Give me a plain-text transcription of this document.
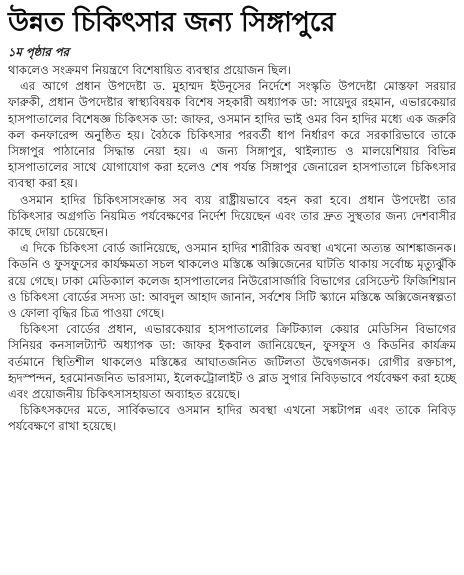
উন্নত চিকিৎসার জন্য সিঙ্গাপুরে
১ম পৃষ্ঠার পর

থাকলেও সংক্রমণ নিয়ন্ত্রণে বিশেষায়িত ব্যবস্থার প্রয়োজন ছিল।

এর আগে প্রধান উপদেষ্টা ড. মুহাম্মদ ইউনূসের নির্দেশে সংস্কৃতি উপদেষ্টা মোস্তফা সরয়ার ফারুকী, প্রধান উপদেষ্টার স্বাস্থ্যবিষয়ক বিশেষ সহকারী অধ্যাপক ডা: সায়েদুর রহমান, এভারকেয়ার হাসপাতালের বিশেষজ্ঞ চিকিৎসক ডা: জাফর, ওসমান হাদির ভাই ওমর বিন হাদির মধ্যে এক জরুরি কল কনফারেন্স অনুষ্ঠিত হয়। বৈঠকে চিকিৎসার পরবর্তী ধাপ নির্ধারণ করে সরকারিভাবে তাকে সিঙ্গাপুর পাঠানোর সিদ্ধান্ত নেয়া হয়। এ জন্য সিঙ্গাপুর, থাইল্যান্ড ও মালয়েশিয়ার বিভিন্ন হাসপাতালের সাথে যোগাযোগ করা হলেও শেষ পর্যন্ত সিঙ্গাপুর জেনারেল হাসপাতালে চিকিৎসার ব্যবস্থা করা হয়।

ওসমান হাদির চিকিৎসাসংক্রান্ত সব ব্যয় রাষ্ট্রীয়ভাবে বহন করা হবে। প্রধান উপদেষ্টা তার চিকিৎসার অগ্রগতি নিয়মিত পর্যবেক্ষণের নির্দেশ দিয়েছেন এবং তার দ্রুত সুস্থতার জন্য দেশবাসীর কাছে দোয়া চেয়েছেন।

এ দিকে চিকিৎসা বোর্ড জানিয়েছে, ওসমান হাদির শারীরিক অবস্থা এখনো অত্যন্ত আশঙ্কাজনক। কিডনি ও ফুসফুসের কার্যক্ষমতা সচল থাকলেও মস্তিষ্কে অক্সিজেনের ঘাটতি থাকায় সর্বোচ্চ মৃত্যুঝুঁকি রয়ে গেছে। ঢাকা মেডিক্যাল কলেজ হাসপাতালের নিউরোসার্জারি বিভাগের রেসিডেন্ট ফিজিশিয়ান ও চিকিৎসা বোর্ডের সদস্য ডা: আবদুল আহাদ জানান, সর্বশেষ সিটি স্ক্যানে মস্তিষ্কে অক্সিজেনস্বল্পতা ও ফোলা বৃদ্ধির চিত্র পাওয়া গেছে।

চিকিৎসা বোর্ডের প্রধান, এভারকেয়ার হাসপাতালের ক্রিটিক্যাল কেয়ার মেডিসিন বিভাগের সিনিয়র কনসালট্যান্ট অধ্যাপক ডা: জাফর ইকবাল জানিয়েছেন, ফুসফুস ও কিডনির কার্যক্রম বর্তমানে স্থিতিশীল থাকলেও মস্তিষ্কের আঘাতজনিত জটিলতা উদ্বেগজনক। রোগীর রক্তচাপ, হৃদস্পন্দন, হরমোনজনিত ভারসাম্য, ইলেকট্রোলাইট ও ব্লাড সুগার নিবিড়ভাবে পর্যবেক্ষণ করা হচ্ছে এবং প্রয়োজনীয় চিকিৎসাসহায়তা অব্যাহত রয়েছে।

চিকিৎসকদের মতে, সার্বিকভাবে ওসমান হাদির অবস্থা এখনো সঙ্কটাপন্ন এবং তাকে নিবিড় পর্যবেক্ষণে রাখা হয়েছে।
